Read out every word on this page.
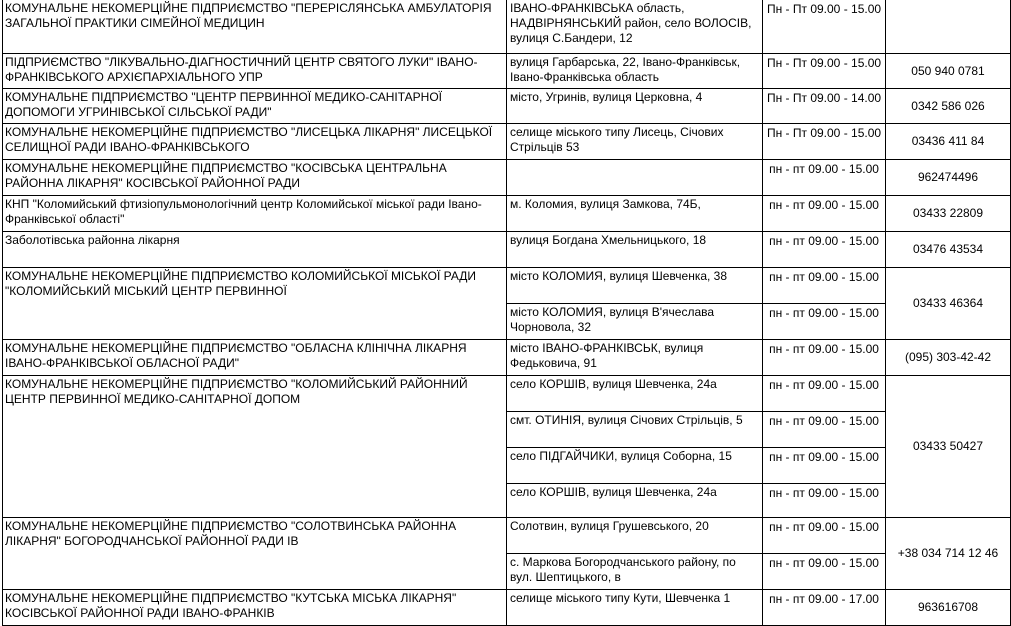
КОМУНАЛЬНЕ НЕКОМЕРЦІЙНЕ ПІДПРИЄМСТВО "ПЕРЕРІСЛЯНСЬКА АМБУЛАТОРІЯ ЗАГАЛЬНОЇ ПРАКТИКИ СІМЕЙНОЇ МЕДИЦИН	ІВАНО-ФРАНКІВСЬКА область, НАДВІРНЯНСЬКИЙ район, село ВОЛОСІВ, вулиця С.Бандери, 12	Пн - Пт 09.00 - 15.00	
ПІДПРИЄМСТВО "ЛІКУВАЛЬНО-ДІАГНОСТИЧНИЙ ЦЕНТР СВЯТОГО ЛУКИ" ІВАНО-ФРАНКІВСЬКОГО АРХІЄПАРХІАЛЬНОГО УПР	вулиця Гарбарська, 22, Івано-Франківськ, Івано-Франківська область	Пн - Пт 09.00 - 15.00	050 940 0781
КОМУНАЛЬНЕ ПІДПРИЄМСТВО "ЦЕНТР ПЕРВИННОЇ МЕДИКО-САНІТАРНОЇ ДОПОМОГИ УГРИНІВСЬКОЇ СІЛЬСЬКОЇ РАДИ"	місто, Угринів, вулиця Церковна, 4	Пн - Пт 09.00 - 14.00	0342 586 026
КОМУНАЛЬНЕ НЕКОМЕРЦІЙНЕ ПІДПРИЄМСТВО "ЛИСЕЦЬКА ЛІКАРНЯ" ЛИСЕЦЬКОЇ СЕЛИЩНОЇ РАДИ ІВАНО-ФРАНКІВСЬКОГО	селище міського типу Лисець, Січових Стрільців 53	Пн - Пт 09.00 - 15.00	03436 411 84
КОМУНАЛЬНЕ НЕКОМЕРЦІЙНЕ ПІДПРИЄМСТВО "КОСІВСЬКА ЦЕНТРАЛЬНА РАЙОННА ЛІКАРНЯ" КОСІВСЬКОЇ РАЙОННОЇ РАДИ		пн - пт 09.00 - 15.00	962474496
КНП "Коломийський фтизіопульмонологічний центр Коломийської міської ради Івано-Франківської області"	м. Коломия, вулиця Замкова, 74Б,	пн - пт 09.00 - 15.00	03433 22809
Заболотівська районна лікарня	вулиця Богдана Хмельницького, 18	пн - пт 09.00 - 15.00	03476 43534
КОМУНАЛЬНЕ НЕКОМЕРЦІЙНЕ ПІДПРИЄМСТВО КОЛОМИЙСЬКОЇ МІСЬКОЇ РАДИ "КОЛОМИЙСЬКИЙ МІСЬКИЙ ЦЕНТР ПЕРВИННОЇ	місто КОЛОМИЯ, вулиця Шевченка, 38	пн - пт 09.00 - 15.00	03433 46364
	місто КОЛОМИЯ, вулиця В'ячеслава Чорновола, 32	пн - пт 09.00 - 15.00	
КОМУНАЛЬНЕ НЕКОМЕРЦІЙНЕ ПІДПРИЄМСТВО "ОБЛАСНА КЛІНІЧНА ЛІКАРНЯ ІВАНО-ФРАНКІВСЬКОЇ ОБЛАСНОЇ РАДИ"	місто ІВАНО-ФРАНКІВСЬК, вулиця Федьковича, 91	пн - пт 09.00 - 15.00	(095) 303-42-42
КОМУНАЛЬНЕ НЕКОМЕРЦІЙНЕ ПІДПРИЄМСТВО "КОЛОМИЙСЬКИЙ РАЙОННИЙ ЦЕНТР ПЕРВИННОЇ МЕДИКО-САНІТАРНОЇ ДОПОМ	село КОРШІВ, вулиця Шевченка, 24а	пн - пт 09.00 - 15.00	03433 50427
	смт. ОТИНІЯ, вулиця Січових Стрільців, 5	пн - пт 09.00 - 15.00	
	село ПІДГАЙЧИКИ, вулиця Соборна, 15	пн - пт 09.00 - 15.00	
	село КОРШІВ, вулиця Шевченка, 24а	пн - пт 09.00 - 15.00	
КОМУНАЛЬНЕ НЕКОМЕРЦІЙНЕ ПІДПРИЄМСТВО "СОЛОТВИНСЬКА РАЙОННА ЛІКАРНЯ" БОГОРОДЧАНСЬКОЇ РАЙОННОЇ РАДИ ІВ	Солотвин, вулиця Грушевського, 20	пн - пт 09.00 - 15.00	+38 034 714 12 46
	с. Маркова Богородчанського району, по вул. Шептицького, в	пн - пт 09.00 - 15.00	
КОМУНАЛЬНЕ НЕКОМЕРЦІЙНЕ ПІДПРИЄМСТВО "КУТСЬКА МІСЬКА ЛІКАРНЯ" КОСІВСЬКОЇ РАЙОННОЇ РАДИ ІВАНО-ФРАНКІВ	селище міського типу Кути, Шевченка 1	пн - пт 09.00 - 17.00	963616708
